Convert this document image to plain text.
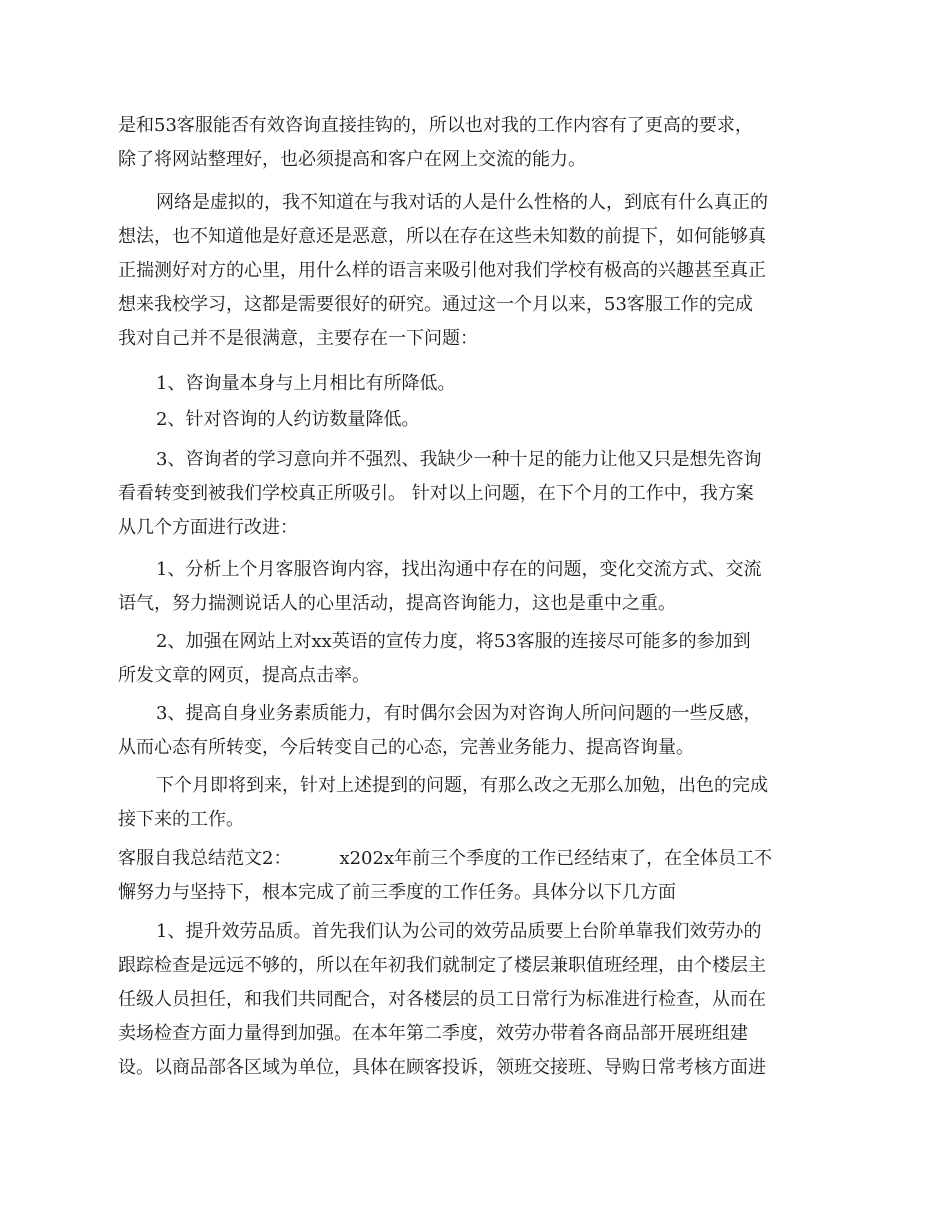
是和53客服能否有效咨询直接挂钩的，所以也对我的工作内容有了更高的要求，
除了将网站整理好，也必须提高和客户在网上交流的能力。
网络是虚拟的，我不知道在与我对话的人是什么性格的人，到底有什么真正的
想法，也不知道他是好意还是恶意，所以在存在这些未知数的前提下，如何能够真
正揣测好对方的心里，用什么样的语言来吸引他对我们学校有极高的兴趣甚至真正
想来我校学习，这都是需要很好的研究。通过这一个月以来，53客服工作的完成
我对自己并不是很满意，主要存在一下问题：
1、咨询量本身与上月相比有所降低。
2、针对咨询的人约访数量降低。
3、咨询者的学习意向并不强烈、我缺少一种十足的能力让他又只是想先咨询
看看转变到被我们学校真正所吸引。 针对以上问题，在下个月的工作中，我方案
从几个方面进行改进：
1、分析上个月客服咨询内容，找出沟通中存在的问题，变化交流方式、交流
语气，努力揣测说话人的心里活动，提高咨询能力，这也是重中之重。
2、加强在网站上对xx英语的宣传力度，将53客服的连接尽可能多的参加到
所发文章的网页，提高点击率。
3、提高自身业务素质能力，有时偶尔会因为对咨询人所问问题的一些反感，
从而心态有所转变，今后转变自己的心态，完善业务能力、提高咨询量。
下个月即将到来，针对上述提到的问题，有那么改之无那么加勉，出色的完成
接下来的工作。
客服自我总结范文2：	x202x年前三个季度的工作已经结束了，在全体员工不
懈努力与坚持下，根本完成了前三季度的工作任务。具体分以下几方面
1、提升效劳品质。首先我们认为公司的效劳品质要上台阶单靠我们效劳办的
跟踪检查是远远不够的，所以在年初我们就制定了楼层兼职值班经理，由个楼层主
任级人员担任，和我们共同配合，对各楼层的员工日常行为标准进行检查，从而在
卖场检查方面力量得到加强。在本年第二季度，效劳办带着各商品部开展班组建
设。以商品部各区域为单位，具体在顾客投诉，领班交接班、导购日常考核方面进
